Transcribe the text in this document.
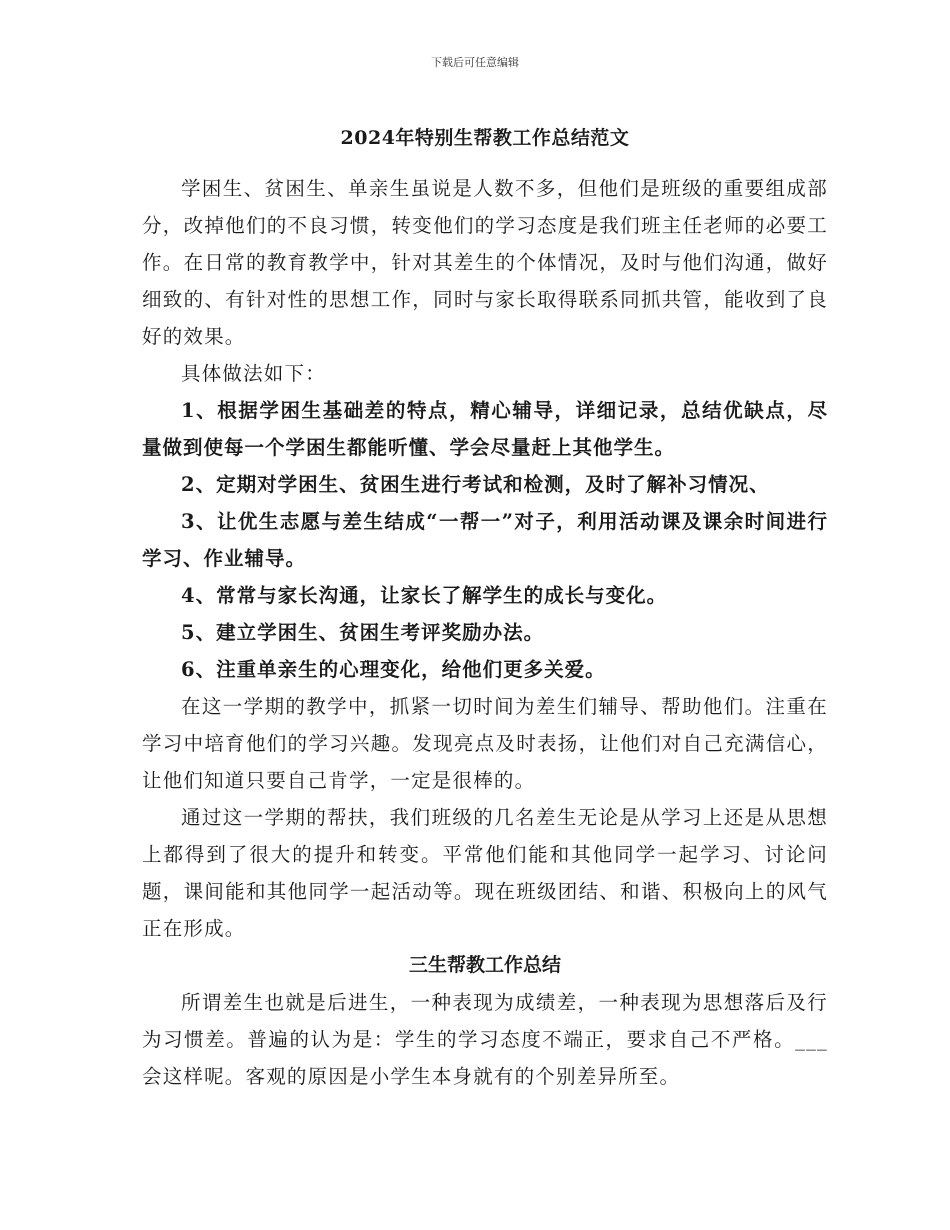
下载后可任意编辑
2024年特别生帮教工作总结范文

学困生、贫困生、单亲生虽说是人数不多，但他们是班级的重要组成部分，改掉他们的不良习惯，转变他们的学习态度是我们班主任老师的必要工作。在日常的教育教学中，针对其差生的个体情况，及时与他们沟通，做好细致的、有针对性的思想工作，同时与家长取得联系同抓共管，能收到了良好的效果。

具体做法如下：

1、根据学困生基础差的特点，精心辅导，详细记录，总结优缺点，尽量做到使每一个学困生都能听懂、学会尽量赶上其他学生。

2、定期对学困生、贫困生进行考试和检测，及时了解补习情况、

3、让优生志愿与差生结成“一帮一”对子，利用活动课及课余时间进行学习、作业辅导。

4、常常与家长沟通，让家长了解学生的成长与变化。

5、建立学困生、贫困生考评奖励办法。

6、注重单亲生的心理变化，给他们更多关爱。

在这一学期的教学中，抓紧一切时间为差生们辅导、帮助他们。注重在学习中培育他们的学习兴趣。发现亮点及时表扬，让他们对自己充满信心，让他们知道只要自己肯学，一定是很棒的。

通过这一学期的帮扶，我们班级的几名差生无论是从学习上还是从思想上都得到了很大的提升和转变。平常他们能和其他同学一起学习、讨论问题，课间能和其他同学一起活动等。现在班级团结、和谐、积极向上的风气正在形成。

三生帮教工作总结

所谓差生也就是后进生，一种表现为成绩差，一种表现为思想落后及行为习惯差。普遍的认为是：学生的学习态度不端正，要求自己不严格。___会这样呢。客观的原因是小学生本身就有的个别差异所至。
